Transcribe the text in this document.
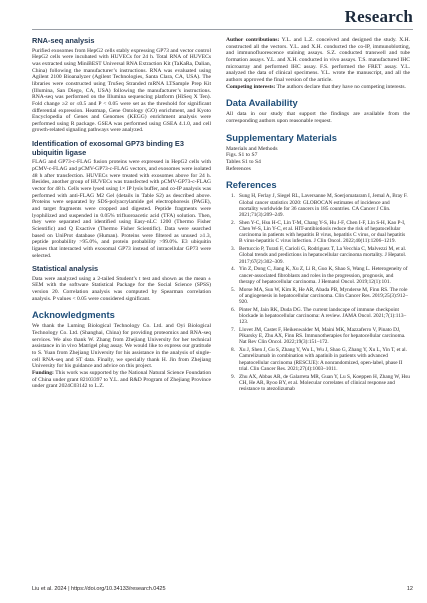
Research
RNA-seq analysis

Purified exosomes from HepG2 cells stably expressing GP73 and vector control HepG2 cells were incubated with HUVECs for 24 h. Total RNA of HUVECs was extracted using MiniBEST Universal RNA Extraction Kit (TaKaRa, Dalian, China) following the manufacturer’s instructions. RNA was evaluated using Agilent 2100 Bioanalyzer (Agilent Technologies, Santa Clara, CA, USA). The libraries were constructed using TruSeq Stranded mRNA LTSample Prep Kit (Illumina, San Diego, CA, USA) following the manufacturer’s instructions. RNA-seq was performed on the Illumina sequencing platform (HiSeq X Ten). Fold change ≥2 or ≤0.5 and P < 0.05 were set as the threshold for significant differential expression. Heatmap, Gene Ontology (GO) enrichment, and Kyoto Encyclopedia of Genes and Genomes (KEGG) enrichment analysis were performed using R package. GSEA was performed using GSEA 4.1.0, and cell growth-related signaling pathways were analyzed.

Identification of exosomal GP73 binding E3 ubiquitin ligase

FLAG and GP73-c-FLAG fusion proteins were expressed in HepG2 cells with pCMV-c-FLAG and pCMV-GP73-c-FLAG vectors, and exosomes were isolated 48 h after transfection. HUVECs were treated with exosomes above for 24 h. Besides, another group of HUVECs was transfected with pCMV-GP73-c-FLAG vector for 48 h. Cells were lysed using 1× IP lysis buffer, and co-IP analysis was performed with anti-FLAG M2 Gel (details in Table S2) as described above. Proteins were separated by SDS-polyacrylamide gel electrophoresis (PAGE), and target fragments were cropped and digested. Peptide fragments were lyophilized and suspended in 0.05% trifluoroacetic acid (TFA) solution. Then, they were separated and identified using Easy-nLC 1200 (Thermo Fisher Scientific) and Q Exactive (Thermo Fisher Scientific). Data were searched based on UniProt database (Human). Proteins were filtered as unused ≥1.3, peptide probability >95.0%, and protein probability >99.0%. E3 ubiquitin ligases that interacted with exosomal GP73 instead of intracellular GP73 were selected.

Statistical analysis

Data were analyzed using a 2-tailed Student’s t test and shown as the mean ± SEM with the software Statistical Package for the Social Science (SPSS) version 20. Correlation analysis was computed by Spearman correlation analysis. P values < 0.05 were considered significant.

Acknowledgments

We thank the Luming Biological Technology Co. Ltd. and Oyi Biological Technology Co. Ltd. (Shanghai, China) for providing proteomics and RNA-seq services. We also thank W. Zhang from Zhejiang University for her technical assistance in in vivo Matrigel plug assay. We would like to express our gratitude to S. Yuan from Zhejiang University for his assistance in the analysis of single-cell RNA-seq and ST data. Finally, we specially thank H. Jin from Zhejiang University for his guidance and advice on this project.

Funding: This work was supported by the National Natural Science Foundation of China under grant 82103397 to Y.L. and R&D Program of Zhejiang Province under grant 2024C03142 to L.Z.

Author contributions: Y.L. and L.Z. conceived and designed the study. X.H. constructed all the vectors. Y.L. and X.H. conducted the co-IP, immunoblotting, and immunofluorescence staining assays. S.Z. conducted transwell and tube formation assays. Y.L. and X.H. conducted in vivo assays. T.S. manufactured IHC microarray and performed IHC assay. F.S. performed the FRET assay. Y.L. analyzed the data of clinical specimens. Y.L. wrote the manuscript, and all the authors approved the final version of the article.

Competing interests: The authors declare that they have no competing interests.

Data Availability

All data in our study that support the findings are available from the corresponding authors upon reasonable request.

Supplementary Materials
Materials and Methods
Figs. S1 to S7
Tables S1 to S4
References
References
1. Sung H, Ferlay J, Siegel RL, Laversanne M, Soerjomataram I, Jemal A, Bray F. Global cancer statistics 2020: GLOBOCAN estimates of incidence and mortality worldwide for 36 cancers in 185 countries. CA Cancer J Clin. 2021;71(3):209–249.
2. Shen Y-C, Hsu H-C, Lin T-M, Chang Y-S, Hu J-F, Chen I-F, Lin S-H, Kao P-I, Chen W-S, Lin Y-C, et al. HIT-antibiotiosis reduce the risk of hepatocellular carcinoma in patients with hepatitis B virus, hepatitis C virus, or dual hepatitis B virus-hepatitis C virus infection. J Clin Oncol. 2022;40(11):1206–1219.
3. Bertuccio P, Turati F, Carioli G, Rodriguez T, La Vecchia C, Malvezzi M, et al. Global trends and predictions in hepatocellular carcinoma mortality. J Hepatol. 2017;67(2):302–309.
4. Yin Z, Dong C, Jiang K, Xu Z, Li R, Guo K, Shao S, Wang L. Heterogeneity of cancer-associated fibroblasts and roles in the progression, prognosis, and therapy of hepatocellular carcinoma. J Hematol Oncol. 2019;12(1):101.
5. Morse MA, Sun W, Kim R, He AR, Abada PB, Mynderse M, Finn RS. The role of angiogenesis in hepatocellular carcinoma. Clin Cancer Res. 2019;25(3):912–920.
6. Pinter M, Jain RK, Duda DG. The current landscape of immune checkpoint blockade in hepatocellular carcinoma: A review. JAMA Oncol. 2021;7(1):113–123.
7. Llovet JM, Castet F, Heikenwalder M, Maini MK, Mazzaferro V, Pinato DJ, Pikarsky E, Zhu AX, Finn RS. Immunotherapies for hepatocellular carcinoma. Nat Rev Clin Oncol. 2022;19(3):151–172.
8. Xu J, Shen J, Gu S, Zhang Y, Wu L, Wu J, Shao G, Zhang Y, Xu L, Yin T, et al. Camrelizumab in combination with apatinib in patients with advanced hepatocellular carcinoma (RESCUE): A nonrandomized, open-label, phase II trial. Clin Cancer Res. 2021;27(4):1003–1011.
9. Zhu AX, Abbas AR, de Galarreta MR, Guan Y, Lu S, Koeppen H, Zhang W, Hsu CH, He AR, Ryoo BY, et al. Molecular correlates of clinical response and resistance to atezolizumab
Liu et al. 2024 | https://doi.org/10.34133/research.0425	12
